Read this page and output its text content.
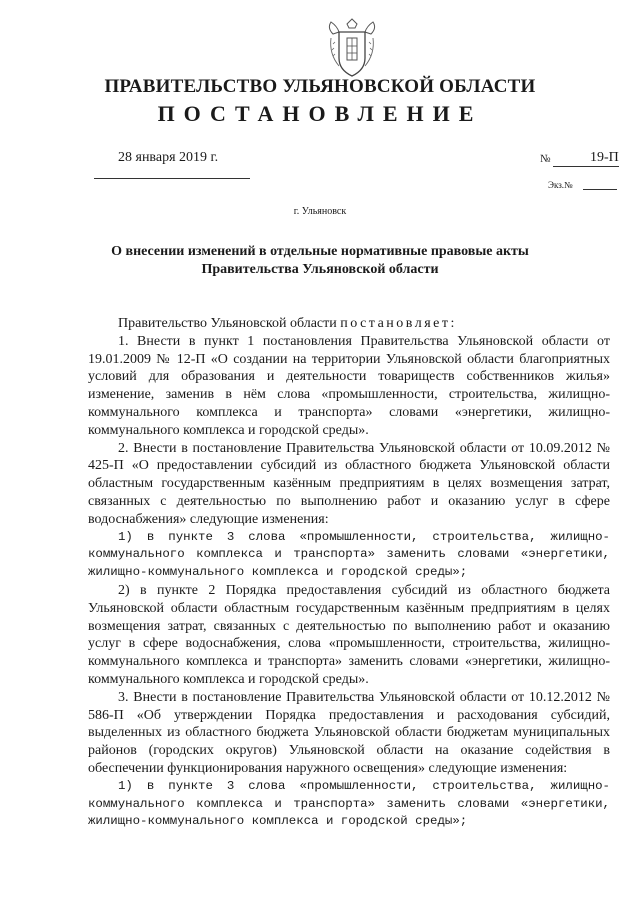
ПРАВИТЕЛЬСТВО УЛЬЯНОВСКОЙ ОБЛАСТИ
ПОСТАНОВЛЕНИЕ
28 января 2019 г.	№	19-П
Экз.№
г. Ульяновск
О внесении изменений в отдельные нормативные правовые акты
Правительства Ульяновской области

Правительство Ульяновской области постановляет:

1. Внести в пункт 1 постановления Правительства Ульяновской области от 19.01.2009 № 12-П «О создании на территории Ульяновской области благоприятных условий для образования и деятельности товариществ собственников жилья» изменение, заменив в нём слова «промышленности, строительства, жилищно-коммунального комплекса и транспорта» словами «энергетики, жилищно-коммунального комплекса и городской среды».

2. Внести в постановление Правительства Ульяновской области от 10.09.2012 № 425-П «О предоставлении субсидий из областного бюджета Ульяновской области областным государственным казённым предприятиям в целях возмещения затрат, связанных с деятельностью по выполнению работ и оказанию услуг в сфере водоснабжения» следующие изменения:

1) в пункте 3 слова «промышленности, строительства, жилищно-коммунального комплекса и транспорта» заменить словами «энергетики, жилищно-коммунального комплекса и городской среды»;

2) в пункте 2 Порядка предоставления субсидий из областного бюджета Ульяновской области областным государственным казённым предприятиям в целях возмещения затрат, связанных с деятельностью по выполнению работ и оказанию услуг в сфере водоснабжения, слова «промышленности, строительства, жилищно-коммунального комплекса и транспорта» заменить словами «энергетики, жилищно-коммунального комплекса и городской среды».

3. Внести в постановление Правительства Ульяновской области от 10.12.2012 № 586-П «Об утверждении Порядка предоставления и расходования субсидий, выделенных из областного бюджета Ульяновской области бюджетам муниципальных районов (городских округов) Ульяновской области на оказание содействия в обеспечении функционирования наружного освещения» следующие изменения:

1) в пункте 3 слова «промышленности, строительства, жилищно-коммунального комплекса и транспорта» заменить словами «энергетики, жилищно-коммунального комплекса и городской среды»;
